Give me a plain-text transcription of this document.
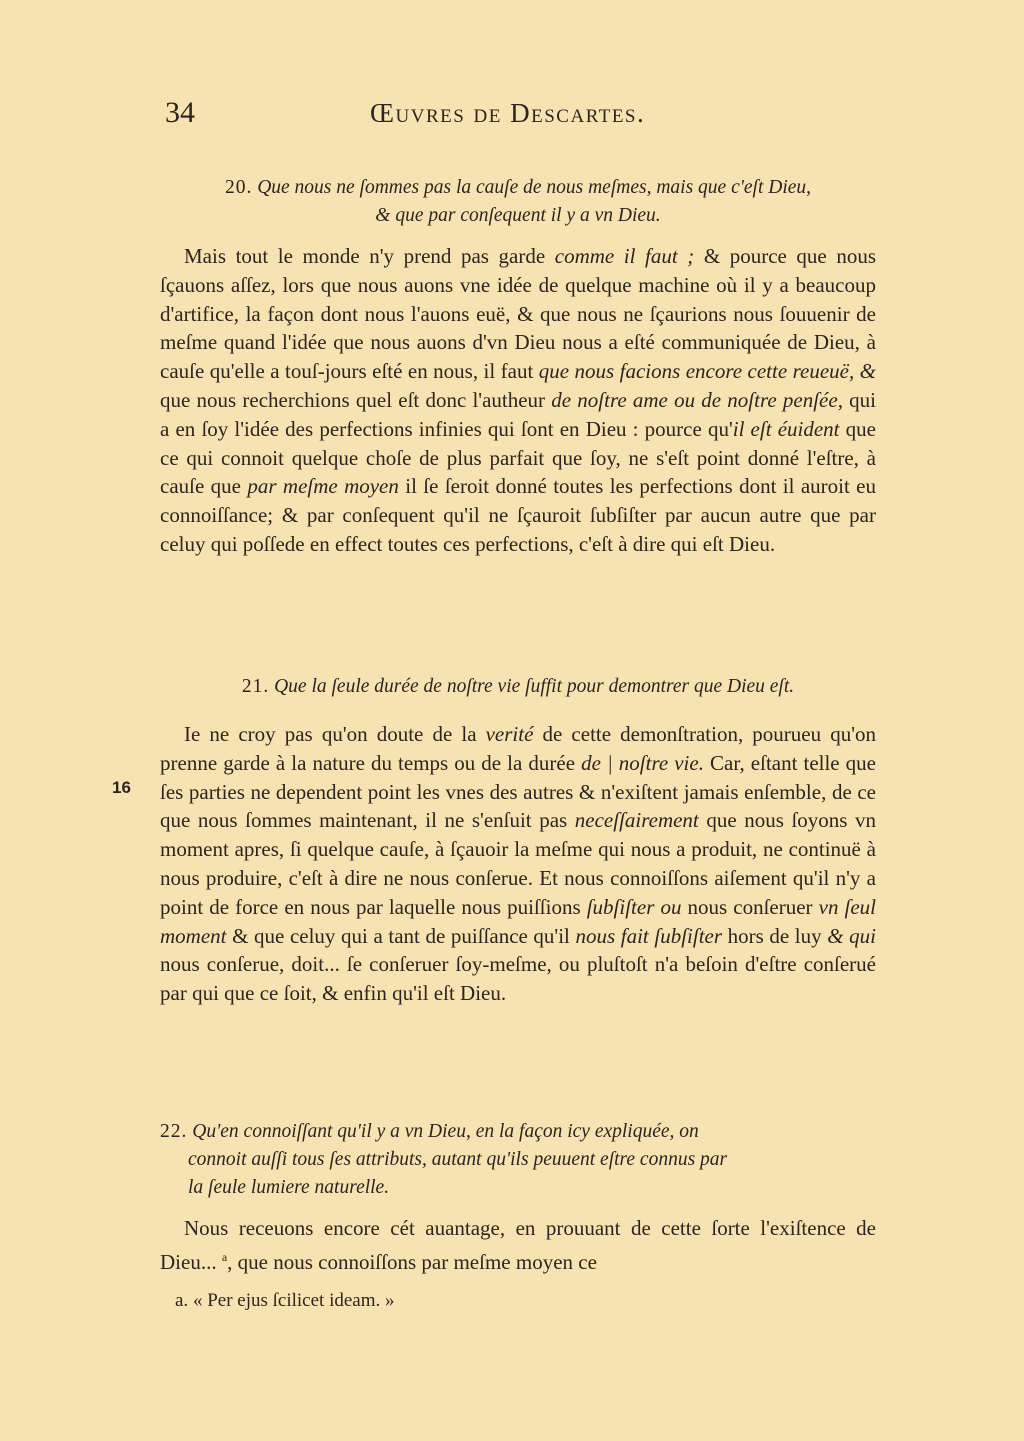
34	Œuvres de Descartes.
20. Que nous ne ſommes pas la cauſe de nous meſmes, mais que c'eſt Dieu,
& que par conſequent il y a vn Dieu.

Mais tout le monde n'y prend pas garde comme il faut ; & pource que nous ſçauons aſſez, lors que nous auons vne idée de quelque machine où il y a beaucoup d'artifice, la façon dont nous l'auons euë, & que nous ne ſçaurions nous ſouuenir de meſme quand l'idée que nous auons d'vn Dieu nous a eſté communiquée de Dieu, à cauſe qu'elle a touſ-jours eſté en nous, il faut que nous facions encore cette reueuë, & que nous recherchions quel eſt donc l'autheur de noſtre ame ou de noſtre penſée, qui a en ſoy l'idée des perfections infinies qui ſont en Dieu : pource qu'il eſt éuident que ce qui connoit quelque choſe de plus parfait que ſoy, ne s'eſt point donné l'eſtre, à cauſe que par meſme moyen il ſe ſeroit donné toutes les perfections dont il auroit eu connoiſſance; & par conſequent qu'il ne ſçauroit ſubſiſter par aucun autre que par celuy qui poſſede en effect toutes ces perfections, c'eſt à dire qui eſt Dieu.

21. Que la ſeule durée de noſtre vie ſuffit pour demontrer que Dieu eſt.

Ie ne croy pas qu'on doute de la verité de cette demonſtration, pourueu qu'on prenne garde à la nature du temps ou de la durée de | noſtre vie. Car, eſtant telle que ſes parties ne dependent point les vnes des autres & n'exiſtent jamais enſemble, de ce que nous ſommes maintenant, il ne s'enſuit pas neceſſairement que nous ſoyons vn moment apres, ſi quelque cauſe, à ſçauoir la meſme qui nous a produit, ne continuë à nous produire, c'eſt à dire ne nous conſerue. Et nous connoiſſons aiſement qu'il n'y a point de force en nous par laquelle nous puiſſions ſubſiſter ou nous conſeruer vn ſeul moment & que celuy qui a tant de puiſſance qu'il nous fait ſubſiſter hors de luy & qui nous conſerue, doit... ſe conſeruer ſoy-meſme, ou pluſtoſt n'a beſoin d'eſtre conſerué par qui que ce ſoit, & enfin qu'il eſt Dieu.

16
22. Qu'en connoiſſant qu'il y a vn Dieu, en la façon icy expliquée, on
connoit auſſi tous ſes attributs, autant qu'ils peuuent eſtre connus par
la ſeule lumiere naturelle.

Nous receuons encore cét auantage, en prouuant de cette ſorte l'exiſtence de Dieu... $^a$, que nous connoiſſons par meſme moyen ce

a. « Per ejus ſcilicet ideam. »
